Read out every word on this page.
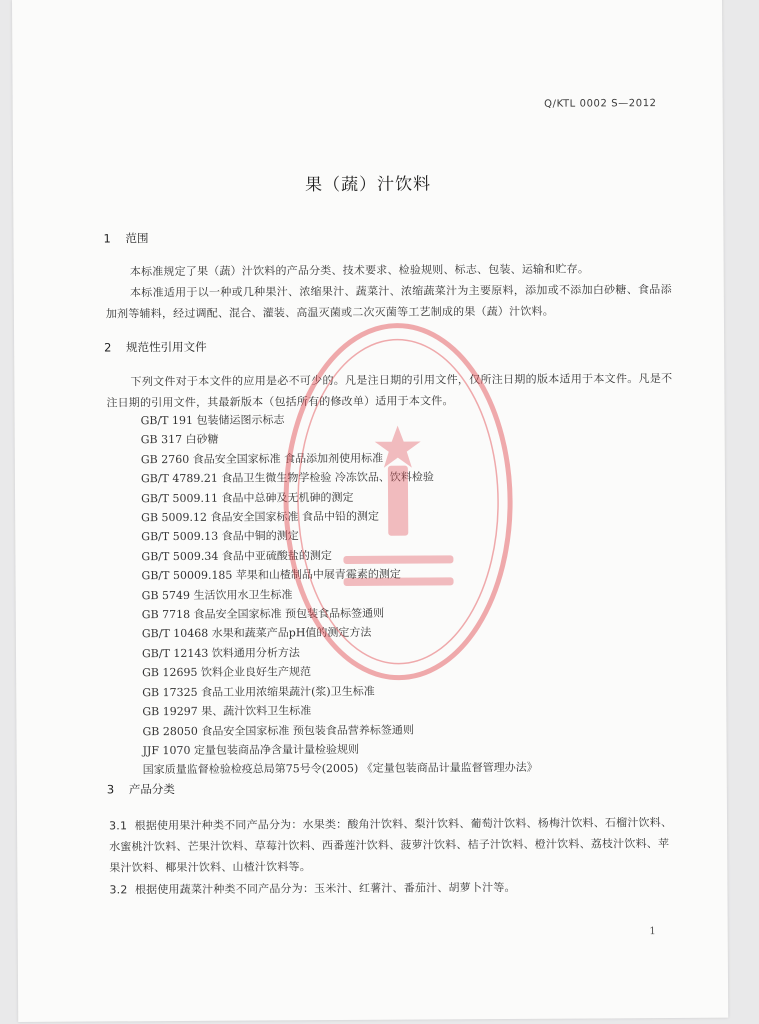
Q/KTL 0002 S—2012
果（蔬）汁饮料
1 范围

本标准规定了果（蔬）汁饮料的产品分类、技术要求、检验规则、标志、包装、运输和贮存。

本标准适用于以一种或几种果汁、浓缩果汁、蔬菜汁、浓缩蔬菜汁为主要原料，添加或不添加白砂糖、食品添加剂等辅料，经过调配、混合、灌装、高温灭菌或二次灭菌等工艺制成的果（蔬）汁饮料。

2 规范性引用文件

下列文件对于本文件的应用是必不可少的。凡是注日期的引用文件，仅所注日期的版本适用于本文件。凡是不注日期的引用文件，其最新版本（包括所有的修改单）适用于本文件。

GB/T 191 包装储运图示标志
GB 317 白砂糖
GB 2760 食品安全国家标准 食品添加剂使用标准
GB/T 4789.21 食品卫生微生物学检验 冷冻饮品、饮料检验
GB/T 5009.11 食品中总砷及无机砷的测定
GB 5009.12 食品安全国家标准 食品中铅的测定
GB/T 5009.13 食品中铜的测定
GB/T 5009.34 食品中亚硫酸盐的测定
GB/T 50009.185 苹果和山楂制品中展青霉素的测定
GB 5749 生活饮用水卫生标准
GB 7718 食品安全国家标准 预包装食品标签通则
GB/T 10468 水果和蔬菜产品pH值的测定方法
GB/T 12143 饮料通用分析方法
GB 12695 饮料企业良好生产规范
GB 17325 食品工业用浓缩果蔬汁(浆)卫生标准
GB 19297 果、蔬汁饮料卫生标准
GB 28050 食品安全国家标准 预包装食品营养标签通则
JJF 1070 定量包装商品净含量计量检验规则
国家质量监督检验检疫总局第75号令(2005) 《定量包装商品计量监督管理办法》
3 产品分类
3.1 根据使用果汁种类不同产品分为：水果类：酸角汁饮料、梨汁饮料、葡萄汁饮料、杨梅汁饮料、石榴汁饮料、水蜜桃汁饮料、芒果汁饮料、草莓汁饮料、西番莲汁饮料、菠萝汁饮料、桔子汁饮料、橙汁饮料、荔枝汁饮料、苹果汁饮料、椰果汁饮料、山楂汁饮料等。
3.2 根据使用蔬菜汁种类不同产品分为：玉米汁、红薯汁、番茄汁、胡萝卜汁等。
1
